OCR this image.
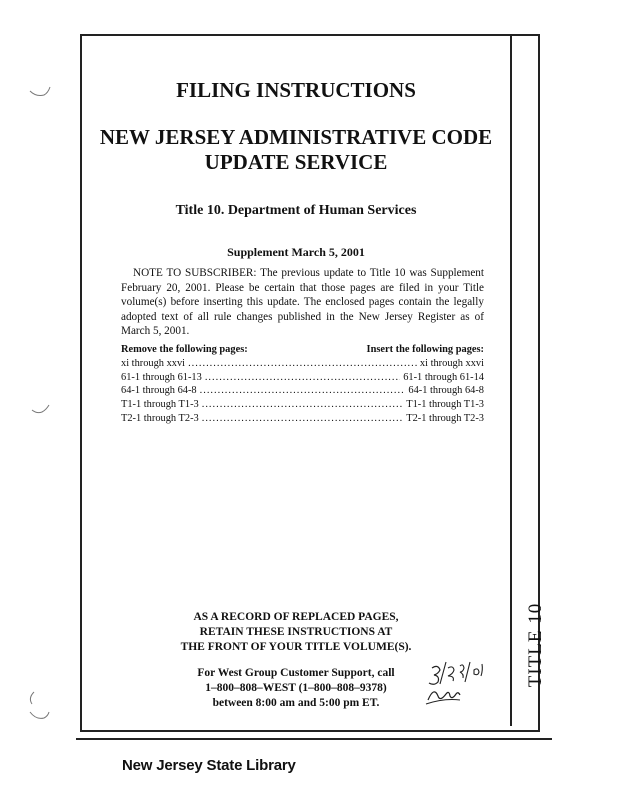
TITLE 10
FILING INSTRUCTIONS
NEW JERSEY ADMINISTRATIVE CODE
UPDATE SERVICE
Title 10. Department of Human Services
Supplement March 5, 2001

NOTE TO SUBSCRIBER: The previous update to Title 10 was Supplement February 20, 2001. Please be certain that those pages are filed in your Title volume(s) before inserting this update. The enclosed pages contain the legally adopted text of all rule changes published in the New Jersey Register as of March 5, 2001.

Remove the following pages:	Insert the following pages:
xi through xxvi .....	xi through xxvi
61-1 through 61-13 .....	61-1 through 61-14
64-1 through 64-8 .....	64-1 through 64-8
T1-1 through T1-3 .....	T1-1 through T1-3
T2-1 through T2-3 .....	T2-1 through T2-3
AS A RECORD OF REPLACED PAGES,
RETAIN THESE INSTRUCTIONS AT
THE FRONT OF YOUR TITLE VOLUME(S).
For West Group Customer Support, call
1–800–808–WEST (1–800–808–9378)
between 8:00 am and 5:00 pm ET.
New Jersey State Library
